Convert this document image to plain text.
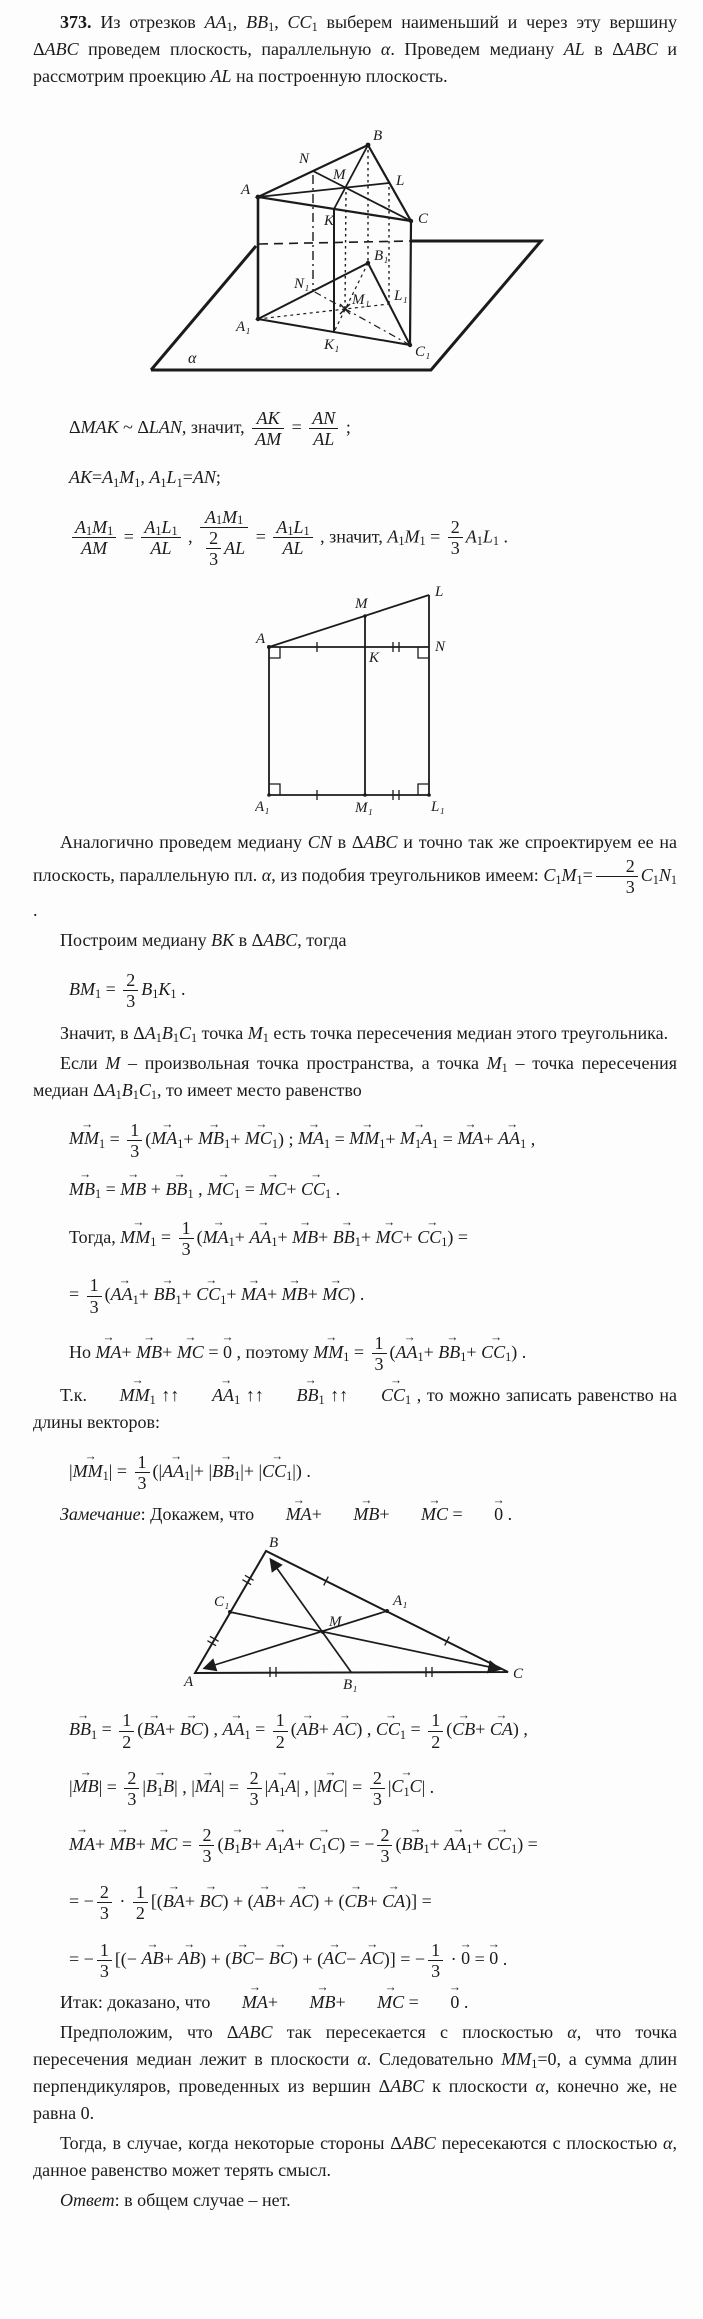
373. Из отрезков $AA_1$, $BB_1$, $CC_1$ выберем наименьший и через эту вершину ΔABC проведем плоскость, параллельную α. Проведем медиану AL в ΔABC и рассмотрим проекцию AL на построенную плоскость.
A
B
C
N
M
K
L
B₁
N₁
M₁ L₁
A₁
K₁	C₁
α
ΔMAK ~ ΔLAN, значит, $\frac{AK}{AM} = \frac{AN}{AL}$ ;
$AK=A_1M_1$, $A_1L_1=AN$;
$\frac{A_1 M_1}{AM} = \frac{A_1 L_1}{AL}$ , $\frac{A_1 M_1}{\frac{2}{3} AL} = \frac{A_1 L_1}{AL}$ , значит, $A_1M_1 = \frac{2}{3} A_1L_1$ .
A
L
M
K
N
A₁	M₁	L₁
Аналогично проведем медиану CN в ΔABC и точно так же спроектируем ее на плоскость, параллельную пл. α, из подобия треугольников имеем: $C_1M_1= \frac{2}{3} C_1N_1$ .
Построим медиану BK в ΔABC, тогда
$BM_1 = \frac{2}{3} B_1K_1$ .
Значит, в $\Delta A_1B_1C_1$ точка $M_1$ есть точка пересечения медиан этого треугольника.
Если M – произвольная точка пространства, а точка $M_1$ – точка пересечения медиан $\Delta A_1B_1C_1$, то имеет место равенство
→ $MM_1 = \frac{1}{3}$ (→ $MA_1+ \to MB_1+ \to MC_1$) ; → $MA_1$ = → $MM_1+ \to M_1A_1$ = → $MA+ \to AA_1$ ,
→ $MB_1$ = → MB + → $BB_1$ , → $MC_1$ = → $MC+ \to CC_1$ .
Тогда, → $MM_1 = \frac{1}{3}$ (→ $MA_1+ \to AA_1+ \to MB+ \to BB_1+ \to MC+ \to CC_1$) =
= $\frac{1}{3}$ (→ $AA_1+ \to BB_1+ \to CC_1+ \to MA+ \to MB+ \to MC$) .
Но → MA+ → MB+ → MC = → 0 , поэтому → $MM_1 = \frac{1}{3}$ (→ $AA_1+ \to BB_1+ \to CC_1$) .
Т.к. → $MM_1$ ↑↑ → $AA_1$ ↑↑ → $BB_1$ ↑↑ → $CC_1$ , то можно записать равенство на длины векторов:
|→ $MM_1| = \frac{1}{3}$ (|→ $AA_1|+$ |→ $BB_1|+$ |→ $CC_1|$) .
Замечание: Докажем, что → MA+ → MB+ → MC = → 0 .
B
A	C
C₁	A₁
B₁
M
→ $BB_1 = \frac{1}{2}$ (→ BA+ → BC) , → $AA_1 = \frac{1}{2}$ (→ AB+ → AC) , → $CC_1 = \frac{1}{2}$ (→ CB+ → CA) ,
|→ $MB| = \frac{2}{3}$ |→ $B_1B|$ , |→ $MA| = \frac{2}{3}$ |→ $A_1A|$ , |→ $MC| = \frac{2}{3}$ |→ $C_1C|$ .
→ MA+ → MB+ → MC = $\frac{2}{3}$ (→ $B_1B+ \to A_1A+ \to C_1C$) = − $\frac{2}{3}$ (→ $BB_1+ \to AA_1+ \to CC_1$) =
= − $\frac{2}{3} \cdot \frac{1}{2}$ [(→ BA+ → BC) + (→ AB+ → AC) + (→ CB+ → CA)] =
= − $\frac{1}{3}$ [(− → AB+ → AB) + (→ BC− → BC) + (→ AC− → AC)] = − $\frac{1}{3}$ · → 0 = → 0 .
Итак: доказано, что → MA+ → MB+ → MC = → 0 .
Предположим, что ΔABC так пересекается с плоскостью α, что точка пересечения медиан лежит в плоскости α. Следовательно $MM_1=0$, а сумма длин перпендикуляров, проведенных из вершин ΔABC к плоскости α, конечно же, не равна 0.
Тогда, в случае, когда некоторые стороны ΔABC пересекаются с плоскостью α, данное равенство может терять смысл.
Ответ: в общем случае – нет.
